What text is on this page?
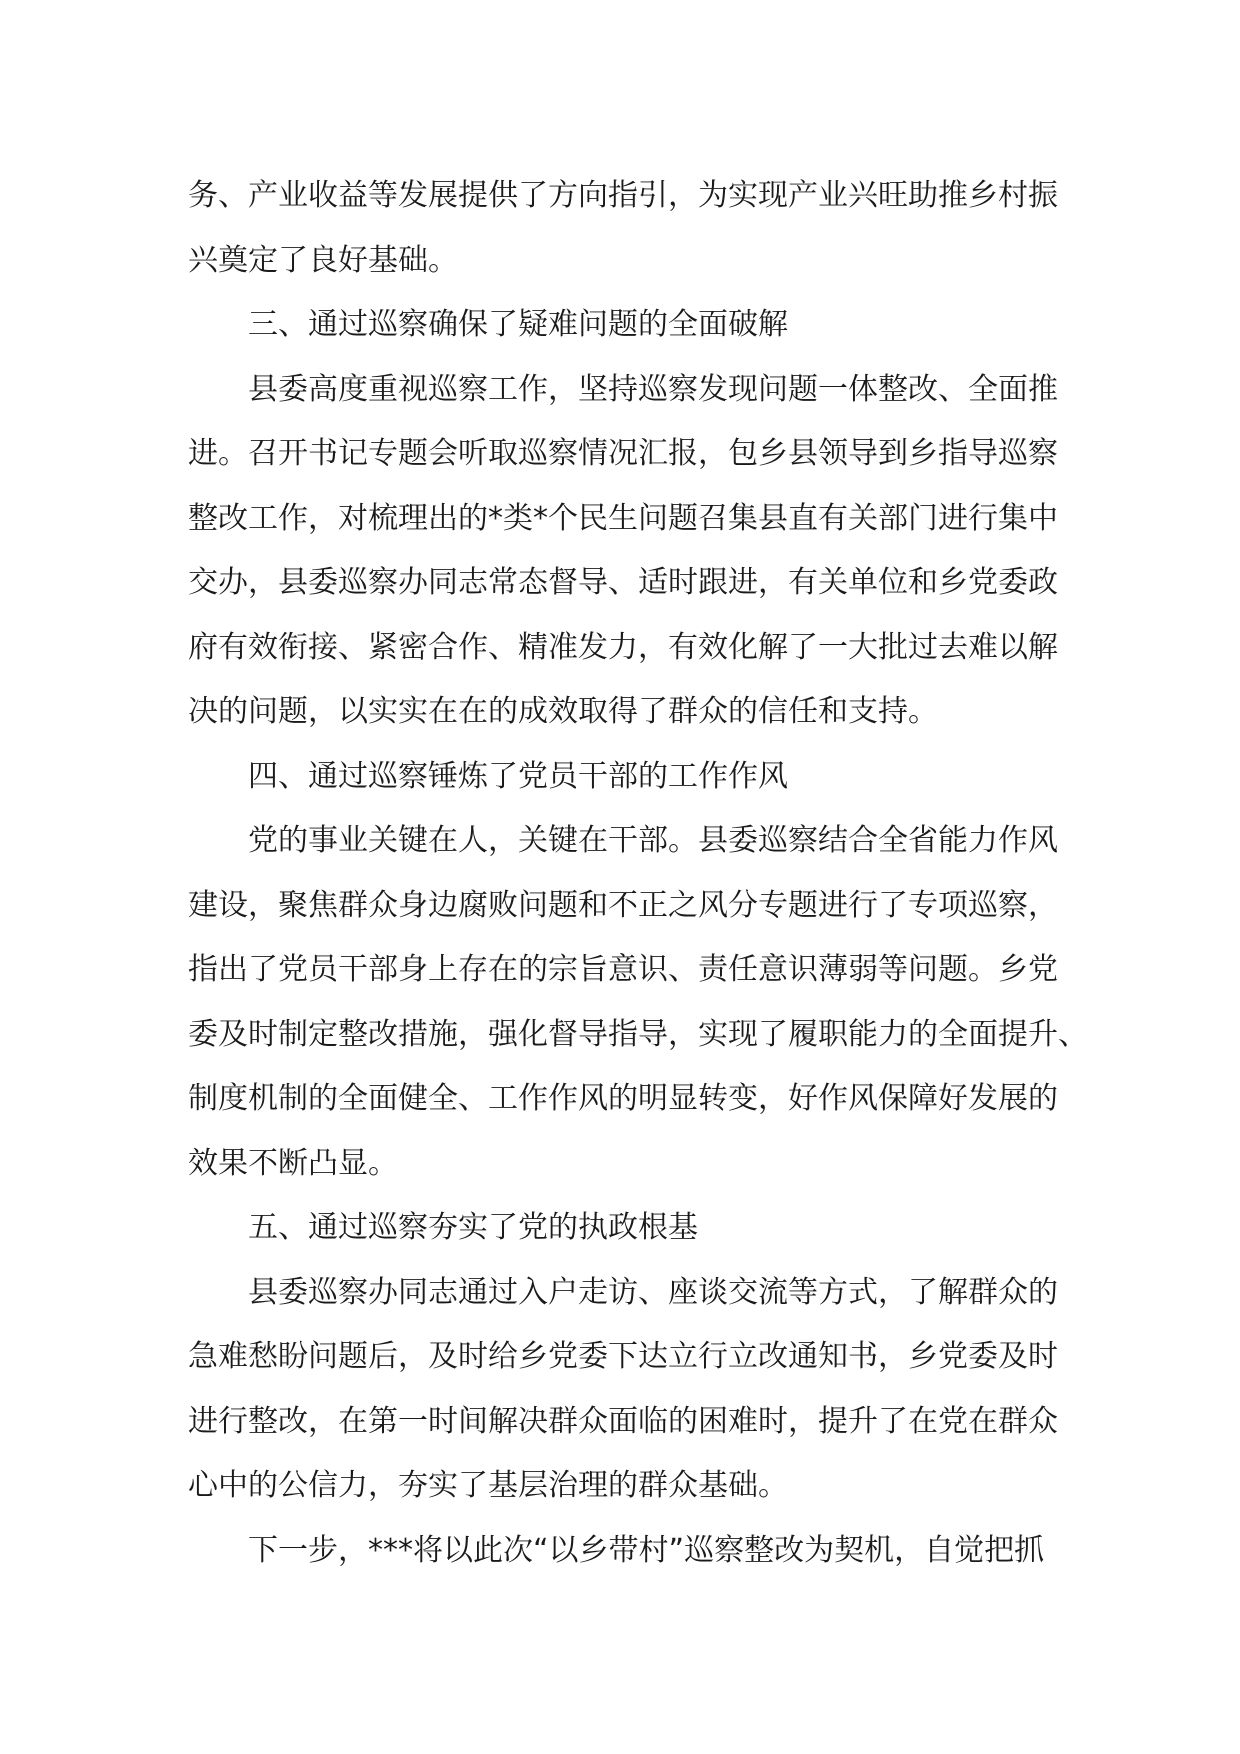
务、产业收益等发展提供了方向指引，为实现产业兴旺助推乡村振
兴奠定了良好基础。
三、通过巡察确保了疑难问题的全面破解
县委高度重视巡察工作，坚持巡察发现问题一体整改、全面推
进。召开书记专题会听取巡察情况汇报，包乡县领导到乡指导巡察
整改工作，对梳理出的*类*个民生问题召集县直有关部门进行集中
交办，县委巡察办同志常态督导、适时跟进，有关单位和乡党委政
府有效衔接、紧密合作、精准发力，有效化解了一大批过去难以解
决的问题，以实实在在的成效取得了群众的信任和支持。
四、通过巡察锤炼了党员干部的工作作风
党的事业关键在人，关键在干部。县委巡察结合全省能力作风
建设，聚焦群众身边腐败问题和不正之风分专题进行了专项巡察，
指出了党员干部身上存在的宗旨意识、责任意识薄弱等问题。乡党
委及时制定整改措施，强化督导指导，实现了履职能力的全面提升、
制度机制的全面健全、工作作风的明显转变，好作风保障好发展的
效果不断凸显。
五、通过巡察夯实了党的执政根基
县委巡察办同志通过入户走访、座谈交流等方式，了解群众的
急难愁盼问题后，及时给乡党委下达立行立改通知书，乡党委及时
进行整改，在第一时间解决群众面临的困难时，提升了在党在群众
心中的公信力，夯实了基层治理的群众基础。
下一步，***将以此次“以乡带村”巡察整改为契机，自觉把抓
